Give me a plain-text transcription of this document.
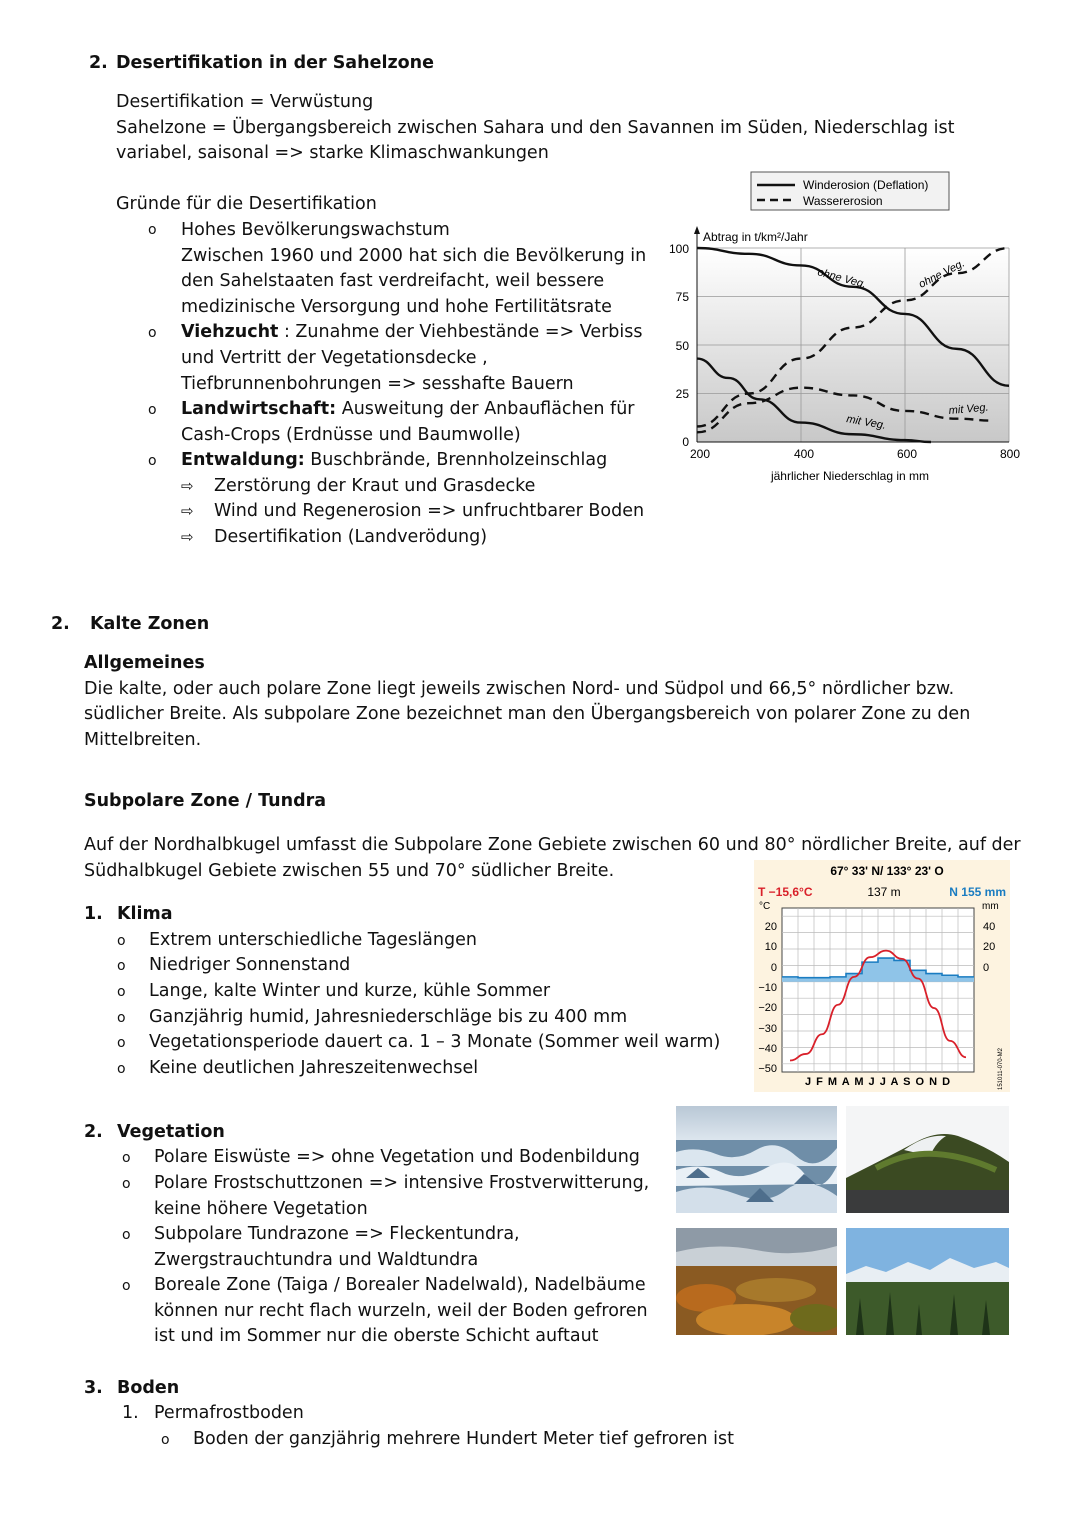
2. Desertifikation in der Sahelzone
Desertifikation = Verwüstung
Sahelzone = Übergangsbereich zwischen Sahara und den Savannen im Süden, Niederschlag ist
variabel, saisonal => starke Klimaschwankungen
Gründe für die Desertifikation
o Hohes Bevölkerungswachstum
Zwischen 1960 und 2000 hat sich die Bevölkerung in
den Sahelstaaten fast verdreifacht, weil bessere
medizinische Versorgung und hohe Fertilitätsrate
o Viehzucht : Zunahme der Viehbestände => Verbiss
und Vertritt der Vegetationsdecke ,
Tiefbrunnenbohrungen => sesshafte Bauern
o Landwirtschaft: Ausweitung der Anbauflächen für
Cash-Crops (Erdnüsse und Baumwolle)
o Entwaldung: Buschbrände, Brennholzeinschlag
⇨ Zerstörung der Kraut und Grasdecke
⇨ Wind und Regenerosion => unfruchtbarer Boden
⇨ Desertifikation (Landverödung)
Winderosion (Deflation)
Wassererosion
Abtrag in t/km²/Jahr
100
75
50
25
0
200	400	600	800
jährlicher Niederschlag in mm
ohne Veg.	ohne Veg.
mit Veg.
mit Veg.
2. Kalte Zonen
Allgemeines
Die kalte, oder auch polare Zone liegt jeweils zwischen Nord- und Südpol und 66,5° nördlicher bzw.
südlicher Breite. Als subpolare Zone bezeichnet man den Übergangsbereich von polarer Zone zu den
Mittelbreiten.
Subpolare Zone / Tundra
Auf der Nordhalbkugel umfasst die Subpolare Zone Gebiete zwischen 60 und 80° nördlicher Breite, auf der
Südhalbkugel Gebiete zwischen 55 und 70° südlicher Breite.
1. Klima
o Extrem unterschiedliche Tageslängen
o Niedriger Sonnenstand
o Lange, kalte Winter und kurze, kühle Sommer
o Ganzjährig humid, Jahresniederschläge bis zu 400 mm
o Vegetationsperiode dauert ca. 1 – 3 Monate (Sommer weil warm)
o Keine deutlichen Jahreszeitenwechsel
67° 33' N/ 133° 23' O
T −15,6°C	137 m	N 155 mm
°C	mm
20
10
0
−10
−20
−30
−40
−50
40
20
0
J F M A M J J A S O N D	151011-070-M2
2. Vegetation
o Polare Eiswüste => ohne Vegetation und Bodenbildung
o Polare Frostschuttzonen => intensive Frostverwitterung,
keine höhere Vegetation
o Subpolare Tundrazone => Fleckentundra,
Zwergstrauchtundra und Waldtundra
o Boreale Zone (Taiga / Borealer Nadelwald), Nadelbäume
können nur recht flach wurzeln, weil der Boden gefroren
ist und im Sommer nur die oberste Schicht auftaut
3. Boden
1. Permafrostboden
o Boden der ganzjährig mehrere Hundert Meter tief gefroren ist
